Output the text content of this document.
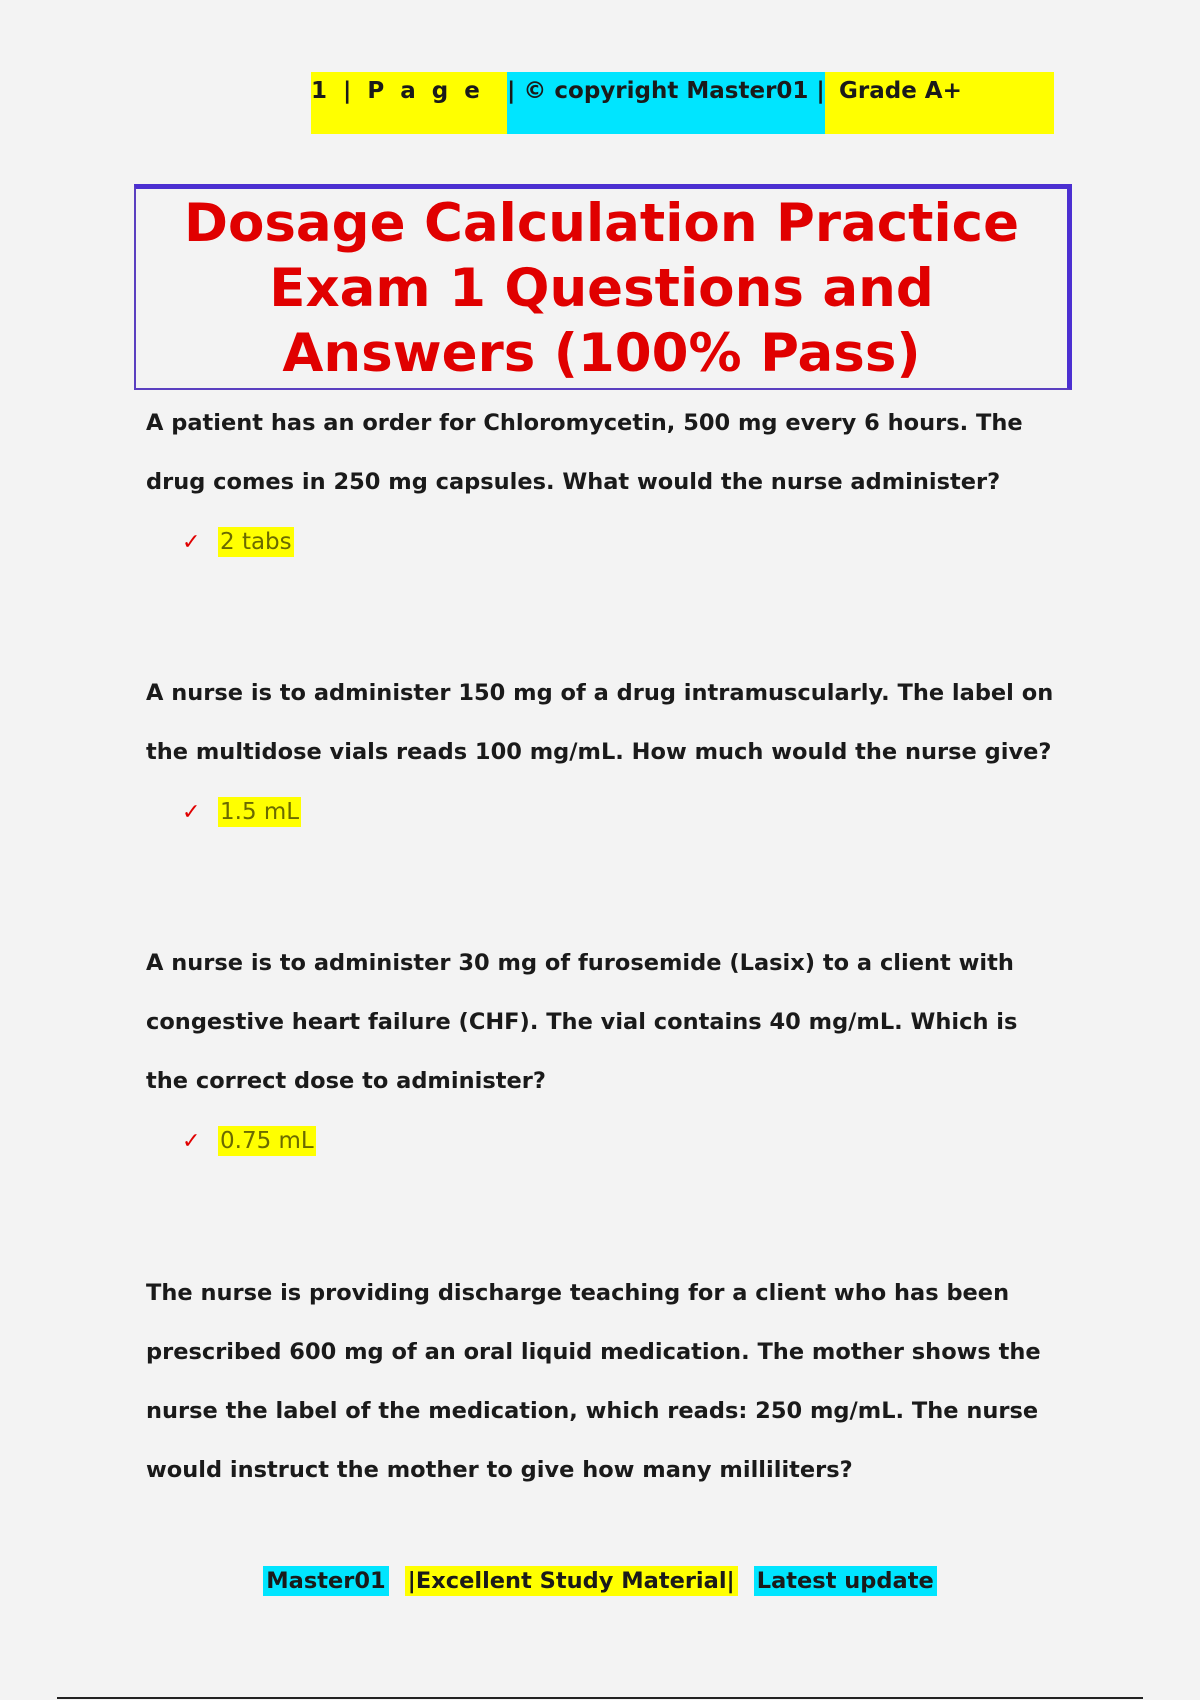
1 | P a g e	| © copyright Master01 | Grade A+
Dosage Calculation Practice Exam 1 Questions and Answers (100% Pass)

A patient has an order for Chloromycetin, 500 mg every 6 hours. The drug comes in 250 mg capsules. What would the nurse administer?

✓ 2 tabs

A nurse is to administer 150 mg of a drug intramuscularly. The label on the multidose vials reads 100 mg/mL. How much would the nurse give?

✓ 1.5 mL

A nurse is to administer 30 mg of furosemide (Lasix) to a client with congestive heart failure (CHF). The vial contains 40 mg/mL. Which is the correct dose to administer?

✓ 0.75 mL

The nurse is providing discharge teaching for a client who has been prescribed 600 mg of an oral liquid medication. The mother shows the nurse the label of the medication, which reads: 250 mg/mL. The nurse would instruct the mother to give how many milliliters?

Master01 |Excellent Study Material| Latest update
